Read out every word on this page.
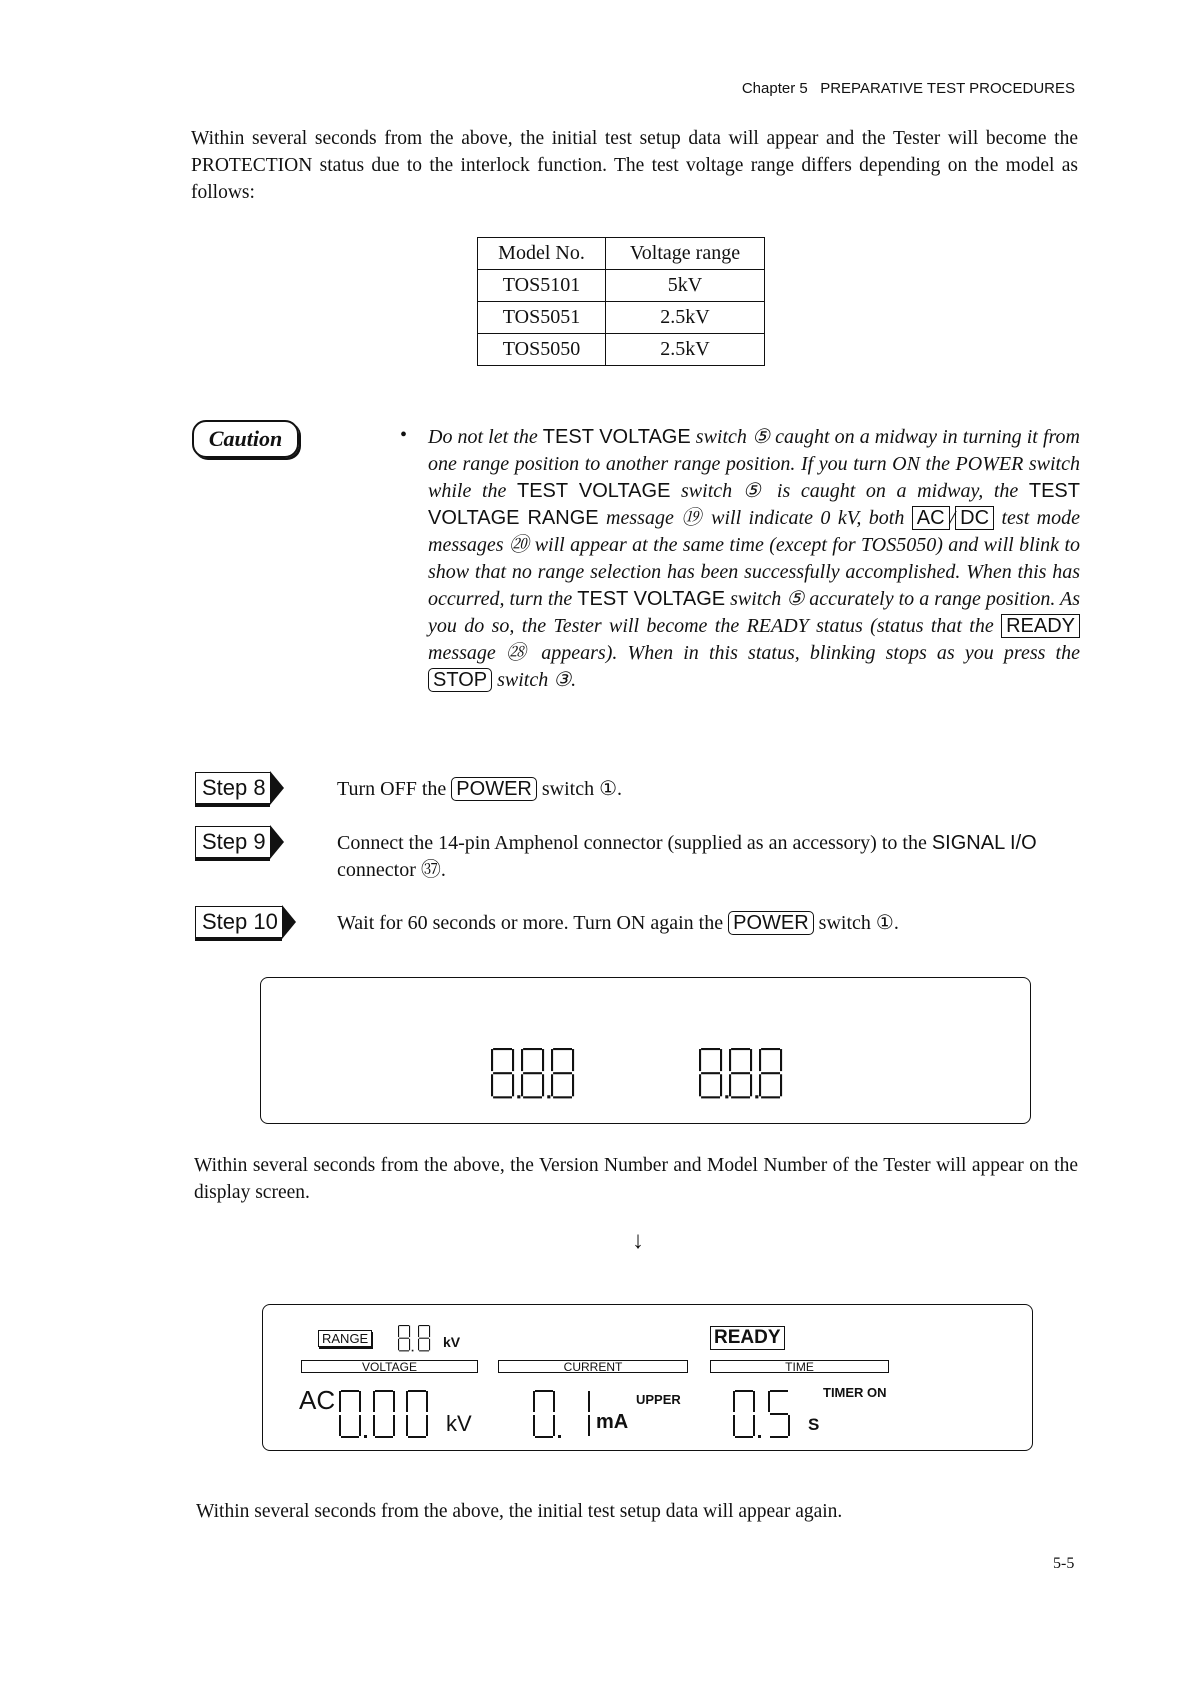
Chapter 5 PREPARATIVE TEST PROCEDURES
Within several seconds from the above, the initial test setup data will appear and the Tester will become the PROTECTION status due to the interlock function. The test voltage range differs depending on the model as follows:
Model No.	Voltage range
TOS5101	5kV
TOS5051	2.5kV
TOS5050	2.5kV
Caution	• Do not let the TEST VOLTAGE switch ⑤ caught on a midway in turning it from one range position to another range position. If you turn ON the POWER switch while the TEST VOLTAGE switch ⑤ is caught on a midway, the TEST VOLTAGE RANGE message ⑲ will indicate 0 kV, both AC / DC test mode messages ⑳ will appear at the same time (except for TOS5050) and will blink to show that no range selection has been successfully accomplished. When this has occurred, turn the TEST VOLTAGE switch ⑤ accurately to a range position. As you do so, the Tester will become the READY status (status that the READY message ㉘ appears). When in this status, blinking stops as you press the STOP switch ③.
Step 8	Turn OFF the POWER switch ①.
Step 9	Connect the 14-pin Amphenol connector (supplied as an accessory) to the SIGNAL I/O connector ㊲.
Step 10	Wait for 60 seconds or more. Turn ON again the POWER switch ①.
Within several seconds from the above, the Version Number and Model Number of the Tester will appear on the display screen.
↓
RANGE	kV
VOLTAGE	CURRENT	TIME
READY
AC
kV	mA
UPPER	TIMER ON
S
Within several seconds from the above, the initial test setup data will appear again.
5-5
